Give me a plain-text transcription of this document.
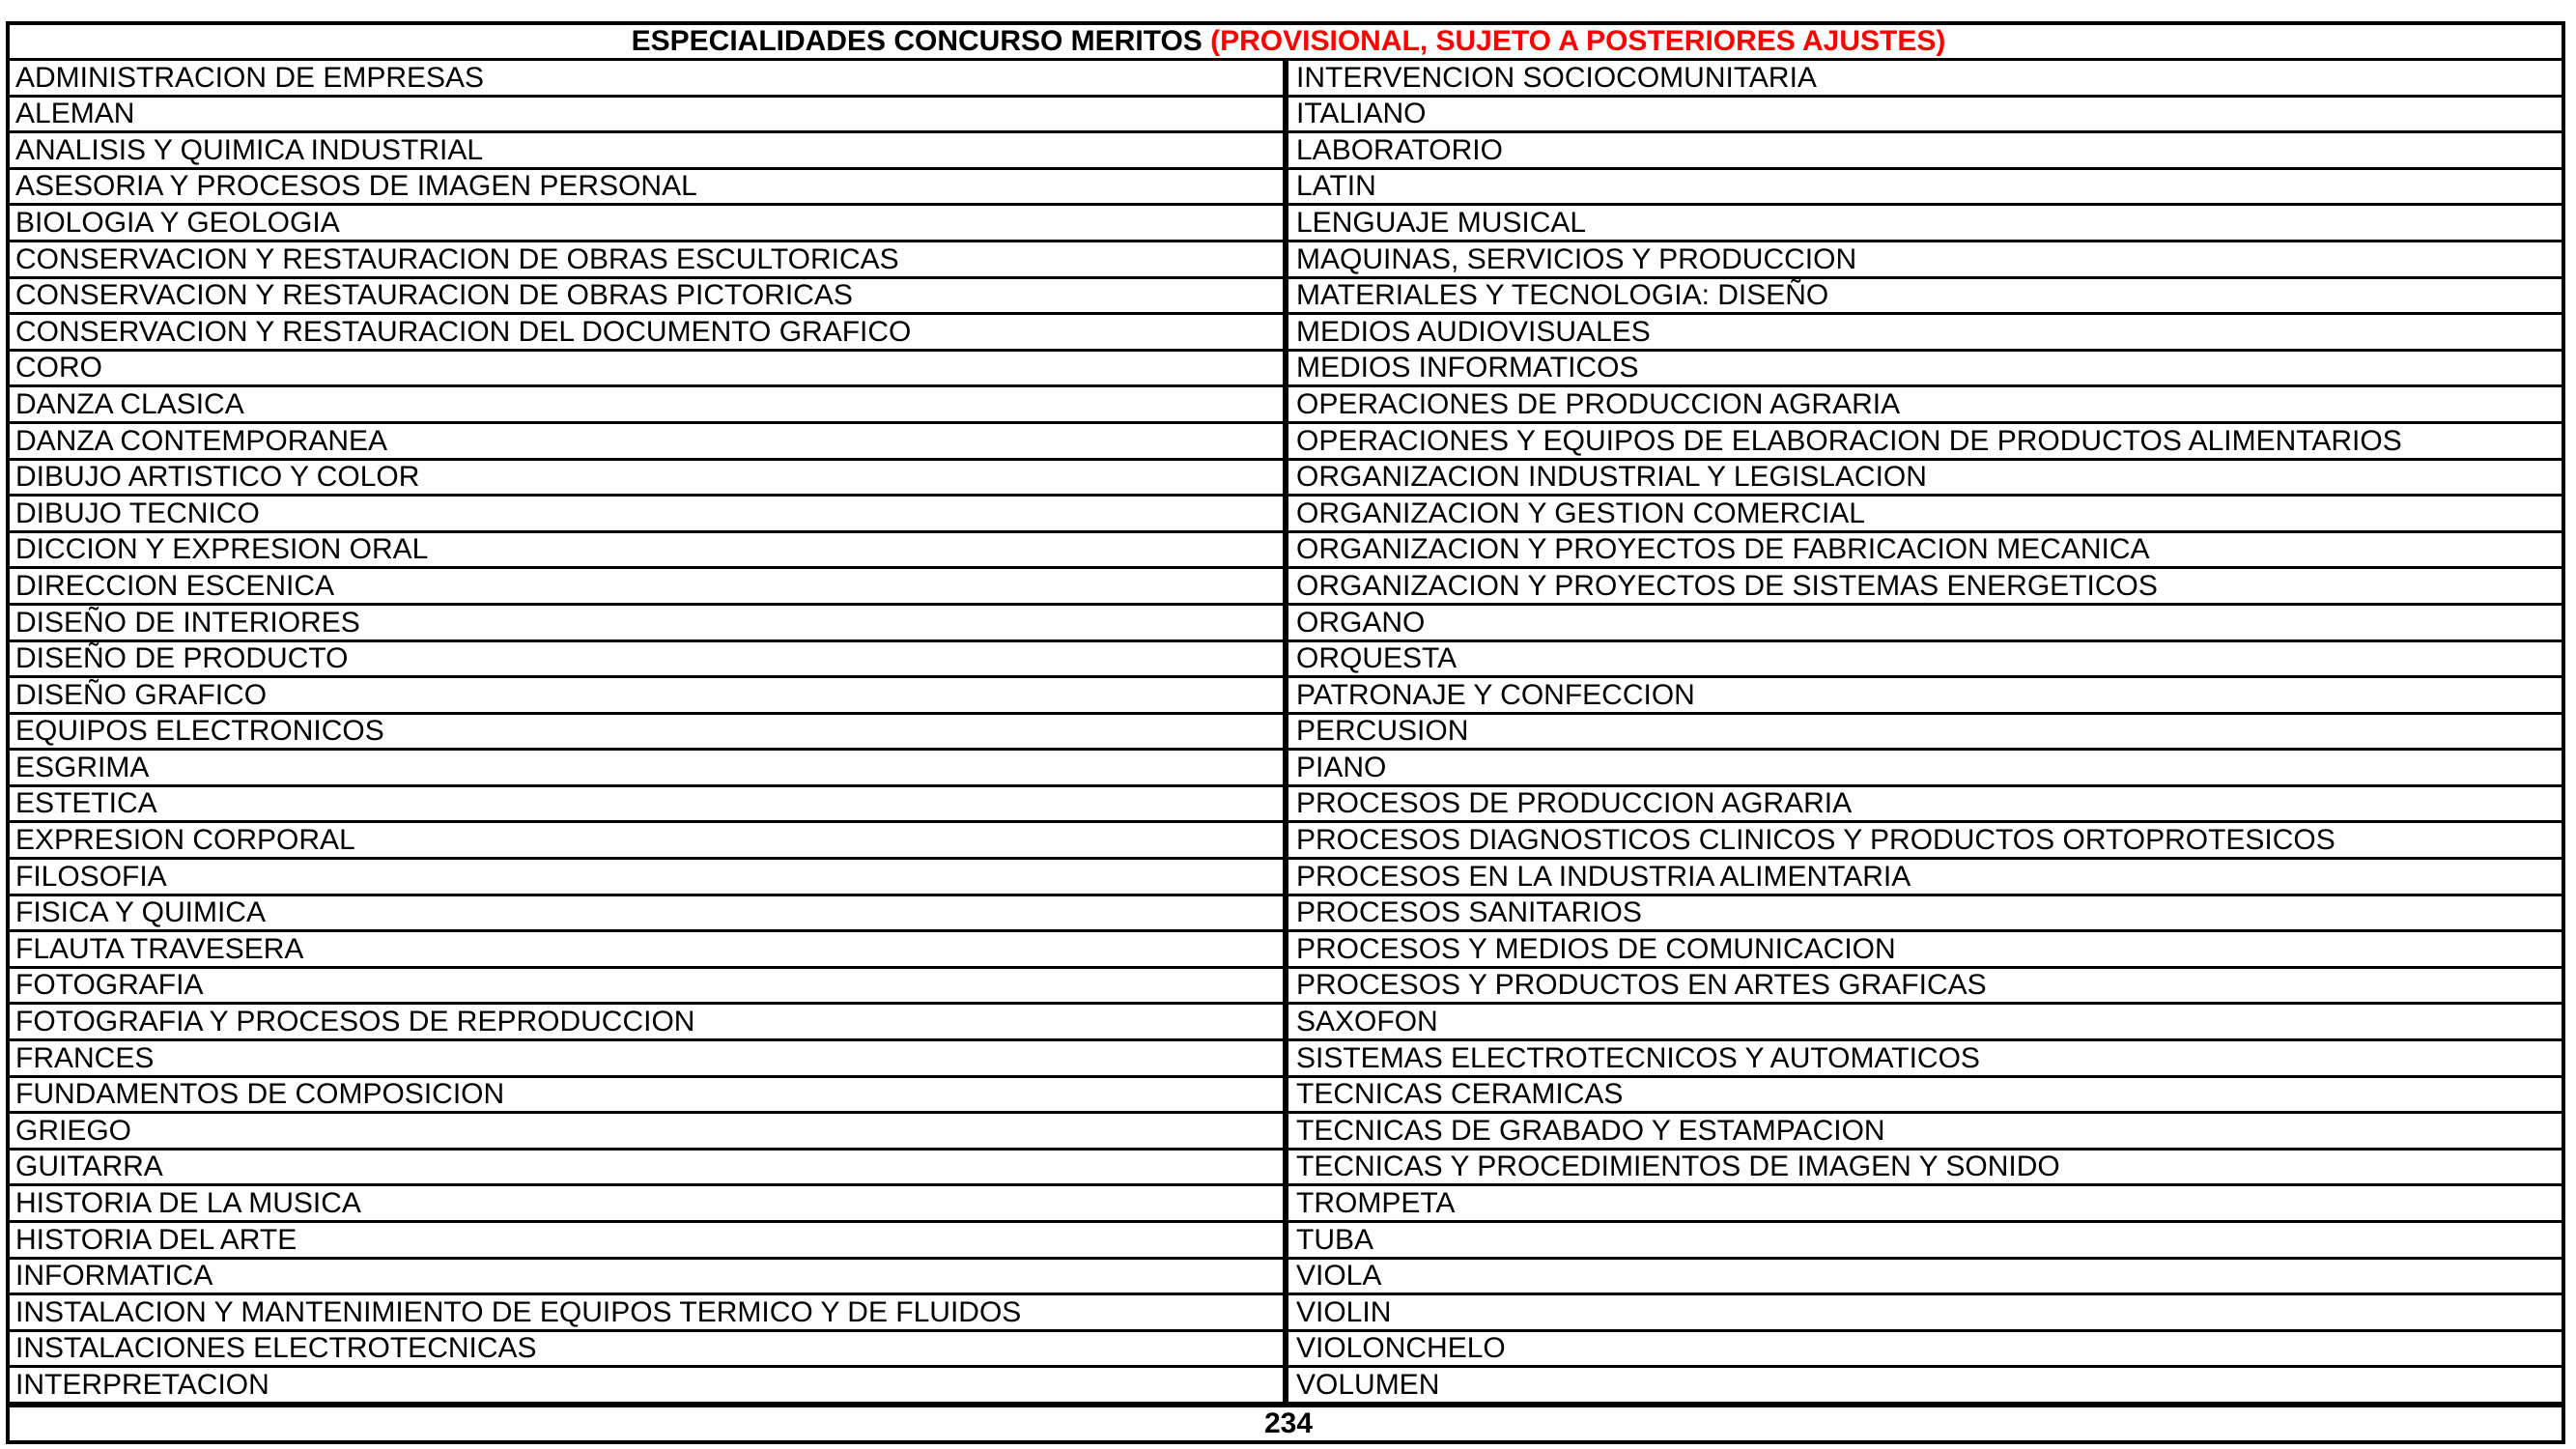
ESPECIALIDADES CONCURSO MERITOS (PROVISIONAL, SUJETO A POSTERIORES AJUSTES)	
ADMINISTRACION DE EMPRESAS	INTERVENCION SOCIOCOMUNITARIA
ALEMAN	ITALIANO
ANALISIS Y QUIMICA INDUSTRIAL	LABORATORIO
ASESORIA Y PROCESOS DE IMAGEN PERSONAL	LATIN
BIOLOGIA Y GEOLOGIA	LENGUAJE MUSICAL
CONSERVACION Y RESTAURACION DE OBRAS ESCULTORICAS	MAQUINAS, SERVICIOS Y PRODUCCION
CONSERVACION Y RESTAURACION DE OBRAS PICTORICAS	MATERIALES Y TECNOLOGIA: DISEÑO
CONSERVACION Y RESTAURACION DEL DOCUMENTO GRAFICO	MEDIOS AUDIOVISUALES
CORO	MEDIOS INFORMATICOS
DANZA CLASICA	OPERACIONES DE PRODUCCION AGRARIA
DANZA CONTEMPORANEA	OPERACIONES Y EQUIPOS DE ELABORACION DE PRODUCTOS ALIMENTARIOS
DIBUJO ARTISTICO Y COLOR	ORGANIZACION INDUSTRIAL Y LEGISLACION
DIBUJO TECNICO	ORGANIZACION Y GESTION COMERCIAL
DICCION Y EXPRESION ORAL	ORGANIZACION Y PROYECTOS DE FABRICACION MECANICA
DIRECCION ESCENICA	ORGANIZACION Y PROYECTOS DE SISTEMAS ENERGETICOS
DISEÑO DE INTERIORES	ORGANO
DISEÑO DE PRODUCTO	ORQUESTA
DISEÑO GRAFICO	PATRONAJE Y CONFECCION
EQUIPOS ELECTRONICOS	PERCUSION
ESGRIMA	PIANO
ESTETICA	PROCESOS DE PRODUCCION AGRARIA
EXPRESION CORPORAL	PROCESOS DIAGNOSTICOS CLINICOS Y PRODUCTOS ORTOPROTESICOS
FILOSOFIA	PROCESOS EN LA INDUSTRIA ALIMENTARIA
FISICA Y QUIMICA	PROCESOS SANITARIOS
FLAUTA TRAVESERA	PROCESOS Y MEDIOS DE COMUNICACION
FOTOGRAFIA	PROCESOS Y PRODUCTOS EN ARTES GRAFICAS
FOTOGRAFIA Y PROCESOS DE REPRODUCCION	SAXOFON
FRANCES	SISTEMAS ELECTROTECNICOS Y AUTOMATICOS
FUNDAMENTOS DE COMPOSICION	TECNICAS CERAMICAS
GRIEGO	TECNICAS DE GRABADO Y ESTAMPACION
GUITARRA	TECNICAS Y PROCEDIMIENTOS DE IMAGEN Y SONIDO
HISTORIA DE LA MUSICA	TROMPETA
HISTORIA DEL ARTE	TUBA
INFORMATICA	VIOLA
INSTALACION Y MANTENIMIENTO DE EQUIPOS TERMICO Y DE FLUIDOS	VIOLIN
INSTALACIONES ELECTROTECNICAS	VIOLONCHELO
INTERPRETACION	VOLUMEN
234	
